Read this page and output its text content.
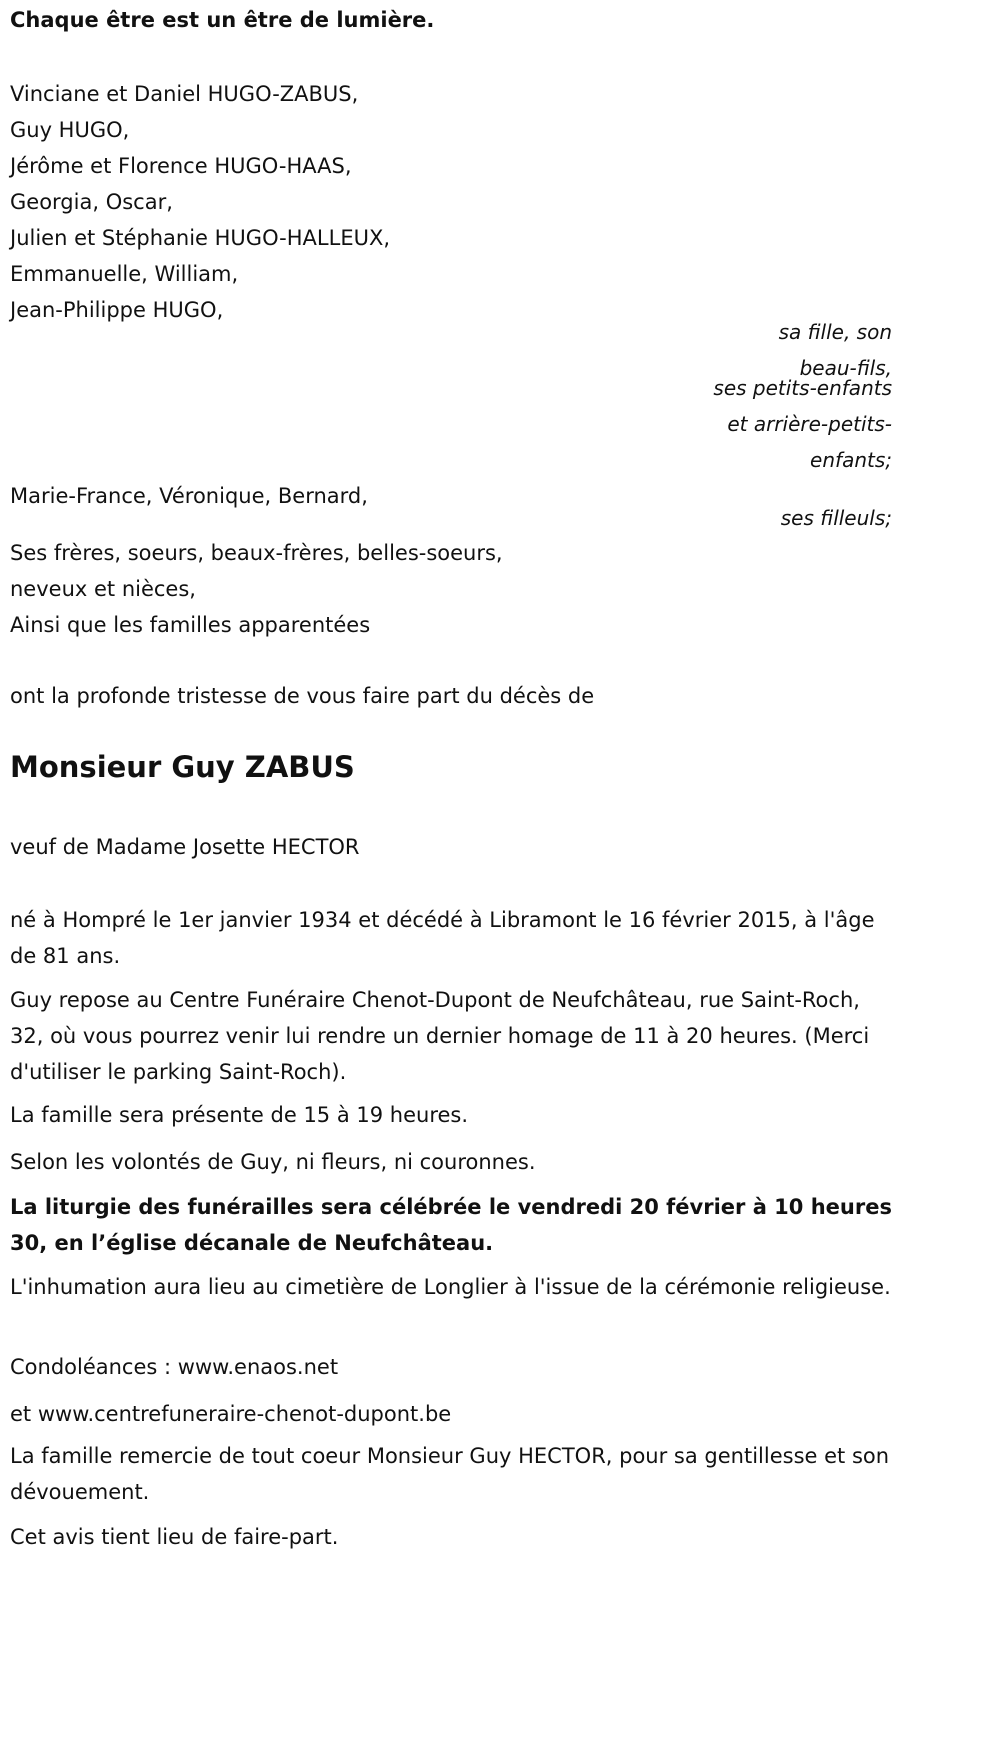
Chaque être est un être de lumière.
Vinciane et Daniel HUGO-ZABUS,
Guy HUGO,
Jérôme et Florence HUGO-HAAS,
Georgia, Oscar,
Julien et Stéphanie HUGO-HALLEUX,
Emmanuelle, William,
Jean-Philippe HUGO,
sa fille, son
beau-fils,
ses petits-enfants
et arrière-petits-
enfants;
Marie-France, Véronique, Bernard,
ses filleuls;
Ses frères, soeurs, beaux-frères, belles-soeurs,
neveux et nièces,
Ainsi que les familles apparentées
ont la profonde tristesse de vous faire part du décès de
Monsieur Guy ZABUS
veuf de Madame Josette HECTOR
né à Hompré le 1er janvier 1934 et décédé à Libramont le 16 février 2015, à l'âge de 81 ans.
Guy repose au Centre Funéraire Chenot-Dupont de Neufchâteau, rue Saint-Roch, 32, où vous pourrez venir lui rendre un dernier homage de 11 à 20 heures. (Merci d'utiliser le parking Saint-Roch).
La famille sera présente de 15 à 19 heures.
Selon les volontés de Guy, ni fleurs, ni couronnes.
La liturgie des funérailles sera célébrée le vendredi 20 février à 10 heures 30, en l’église décanale de Neufchâteau.
L'inhumation aura lieu au cimetière de Longlier à l'issue de la cérémonie religieuse.
Condoléances : www.enaos.net
et www.centrefuneraire-chenot-dupont.be
La famille remercie de tout coeur Monsieur Guy HECTOR, pour sa gentillesse et son dévouement.
Cet avis tient lieu de faire-part.
